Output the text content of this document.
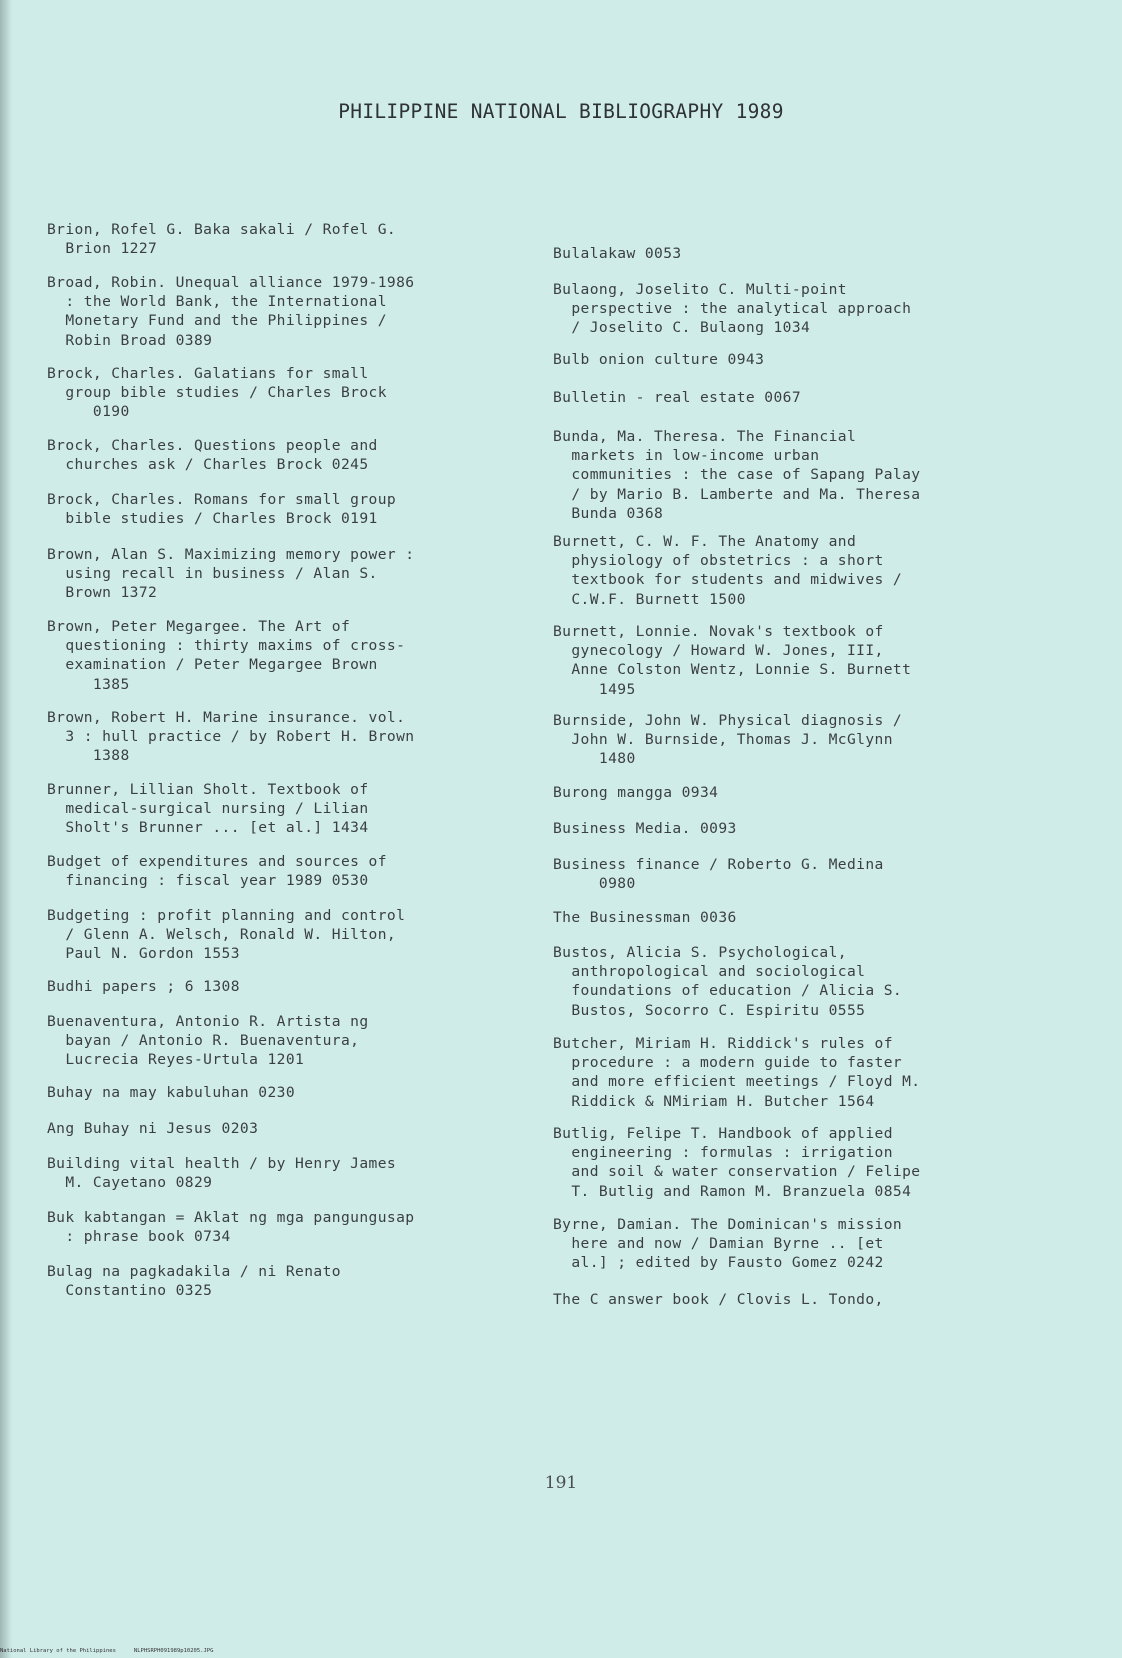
PHILIPPINE NATIONAL BIBLIOGRAPHY 1989
Brion, Rofel G. Baka sakali / Rofel G.
Brion 1227
Broad, Robin. Unequal alliance 1979-1986
: the World Bank, the International
Monetary Fund and the Philippines /
Robin Broad 0389
Brock, Charles. Galatians for small
group bible studies / Charles Brock
0190
Brock, Charles. Questions people and
churches ask / Charles Brock 0245
Brock, Charles. Romans for small group
bible studies / Charles Brock 0191
Brown, Alan S. Maximizing memory power :
using recall in business / Alan S.
Brown 1372
Brown, Peter Megargee. The Art of
questioning : thirty maxims of cross-
examination / Peter Megargee Brown
1385
Brown, Robert H. Marine insurance. vol.
3 : hull practice / by Robert H. Brown
1388
Brunner, Lillian Sholt. Textbook of
medical-surgical nursing / Lilian
Sholt's Brunner ... [et al.] 1434
Budget of expenditures and sources of
financing : fiscal year 1989 0530
Budgeting : profit planning and control
/ Glenn A. Welsch, Ronald W. Hilton,
Paul N. Gordon 1553
Budhi papers ; 6 1308
Buenaventura, Antonio R. Artista ng
bayan / Antonio R. Buenaventura,
Lucrecia Reyes-Urtula 1201
Buhay na may kabuluhan 0230
Ang Buhay ni Jesus 0203
Building vital health / by Henry James
M. Cayetano 0829
Buk kabtangan = Aklat ng mga pangungusap
: phrase book 0734
Bulag na pagkadakila / ni Renato
Constantino 0325
Bulalakaw 0053
Bulaong, Joselito C. Multi-point
perspective : the analytical approach
/ Joselito C. Bulaong 1034
Bulb onion culture 0943
Bulletin - real estate 0067
Bunda, Ma. Theresa. The Financial
markets in low-income urban
communities : the case of Sapang Palay
/ by Mario B. Lamberte and Ma. Theresa
Bunda 0368
Burnett, C. W. F. The Anatomy and
physiology of obstetrics : a short
textbook for students and midwives /
C.W.F. Burnett 1500
Burnett, Lonnie. Novak's textbook of
gynecology / Howard W. Jones, III,
Anne Colston Wentz, Lonnie S. Burnett
1495
Burnside, John W. Physical diagnosis /
John W. Burnside, Thomas J. McGlynn
1480
Burong mangga 0934
Business Media. 0093
Business finance / Roberto G. Medina
0980
The Businessman 0036
Bustos, Alicia S. Psychological,
anthropological and sociological
foundations of education / Alicia S.
Bustos, Socorro C. Espiritu 0555
Butcher, Miriam H. Riddick's rules of
procedure : a modern guide to faster
and more efficient meetings / Floyd M.
Riddick & NMiriam H. Butcher 1564
Butlig, Felipe T. Handbook of applied
engineering : formulas : irrigation
and soil & water conservation / Felipe
T. Butlig and Ramon M. Branzuela 0854
Byrne, Damian. The Dominican's mission
here and now / Damian Byrne .. [et
al.] ; edited by Fausto Gomez 0242
The C answer book / Clovis L. Tondo,
191
National Library of the Philippines	NLPHSRPH091989p10205.JPG
